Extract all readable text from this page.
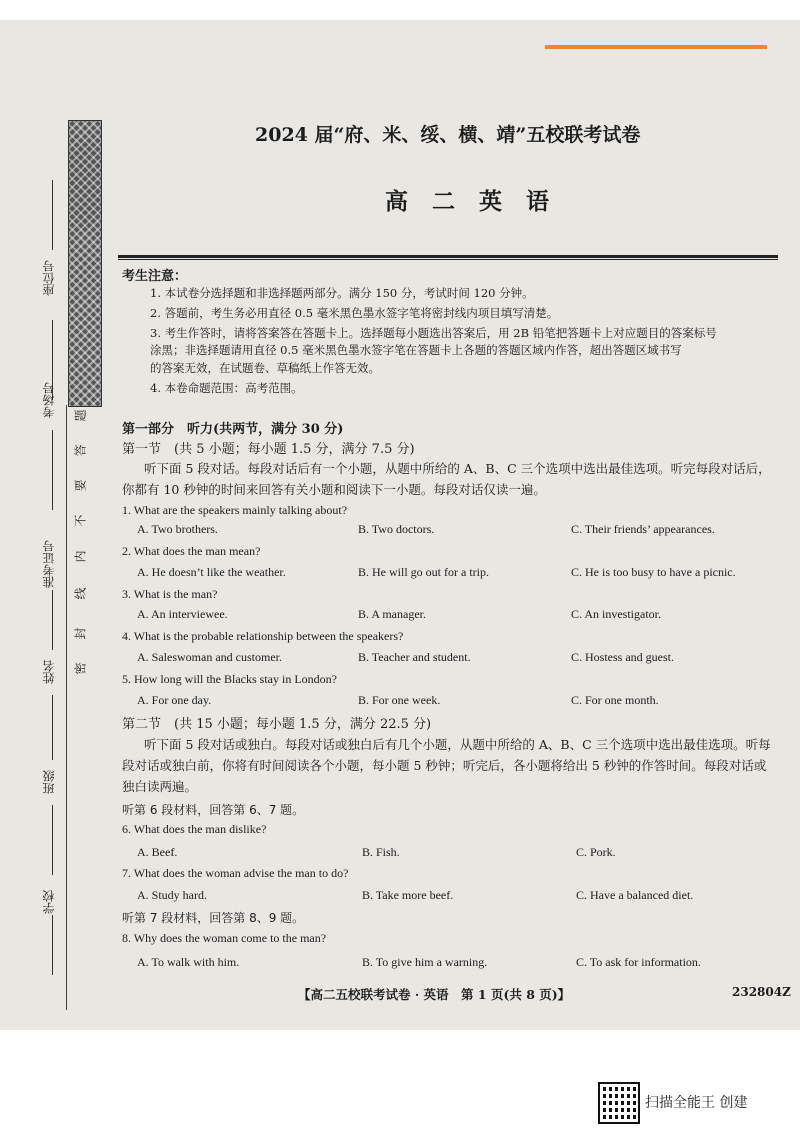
座位号
考场号
准考证号
姓名
班级
学校
密
封
线
内
不
要
答
题
2024 届“府、米、绥、横、靖”五校联考试卷
高 二 英 语
考生注意：
1. 本试卷分选择题和非选择题两部分。满分 150 分，考试时间 120 分钟。
2. 答题前，考生务必用直径 0.5 毫米黑色墨水签字笔将密封线内项目填写清楚。
3. 考生作答时，请将答案答在答题卡上。选择题每小题选出答案后，用 2B 铅笔把答题卡上对应题目的答案标号
涂黑；非选择题请用直径 0.5 毫米黑色墨水签字笔在答题卡上各题的答题区域内作答，超出答题区域书写
的答案无效，在试题卷、草稿纸上作答无效。
4. 本卷命题范围：高考范围。
第一部分　听力(共两节，满分 30 分)
第一节　(共 5 小题；每小题 1.5 分，满分 7.5 分)
听下面 5 段对话。每段对话后有一个小题，从题中所给的 A、B、C 三个选项中选出最佳选项。听完每段对话后，你都有 10 秒钟的时间来回答有关小题和阅读下一小题。每段对话仅读一遍。
1. What are the speakers mainly talking about?
A. Two brothers.	B. Two doctors.	C. Their friends’ appearances.
2. What does the man mean?
A. He doesn’t like the weather.	B. He will go out for a trip.	C. He is too busy to have a picnic.
3. What is the man?
A. An interviewee.	B. A manager.	C. An investigator.
4. What is the probable relationship between the speakers?
A. Saleswoman and customer.	B. Teacher and student.	C. Hostess and guest.
5. How long will the Blacks stay in London?
A. For one day.	B. For one week.	C. For one month.
第二节　(共 15 小题；每小题 1.5 分，满分 22.5 分)
听下面 5 段对话或独白。每段对话或独白后有几个小题，从题中所给的 A、B、C 三个选项中选出最佳选项。听每段对话或独白前，你将有时间阅读各个小题，每小题 5 秒钟；听完后，各小题将给出 5 秒钟的作答时间。每段对话或独白读两遍。
听第 6 段材料，回答第 6、7 题。
6. What does the man dislike?
A. Beef.	B. Fish.	C. Pork.
7. What does the woman advise the man to do?
A. Study hard.	B. Take more beef.	C. Have a balanced diet.
听第 7 段材料，回答第 8、9 题。
8. Why does the woman come to the man?
A. To walk with him.	B. To give him a warning.	C. To ask for information.
【高二五校联考试卷 · 英语　第 1 页(共 8 页)】	232804Z
扫描全能王 创建
